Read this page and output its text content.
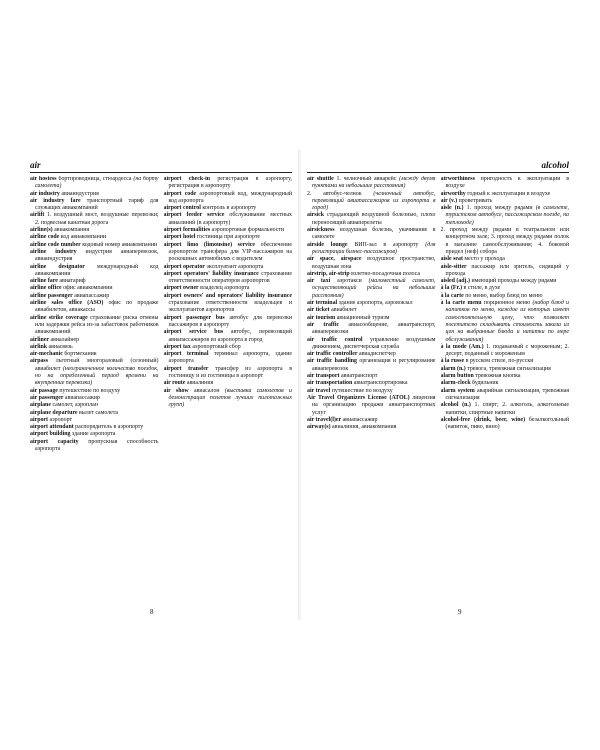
air

air hostess бортпроводница, стюардесса (на борту самолета)

air industry авиаиндустрия

air industry fare транспортный тариф для служащих авиакомпаний

airlift 1. воздушный мост, воздушные перевозки; 2. подвесная канатная дорога

airline(s) авиакомпания

airline code код авиакомпании

airline code number кодовый номер авиакомпании

airline industry индустрия авиаперевозок, авиаиндустрия

airline designator международный код авиакомпании

airline fare авиатариф

airline office офис авиакомпании

airline passenger авиапассажир

airline sales office (ASO) офис по продаже авиабилетов, авиакассы

airline strike coverage страхование риска отмены или задержки рейса из-за забастовок работников авиакомпаний

airliner авиалайнер

airlink авиасвязь

air-mechanic бортмеханик

airpass льготный многоразовый (сезонный) авиабилет (неограниченное количество поездок, но на определенный период времени на внутренние перевозки)

air passage путешествие по воздуху

air passenger авиапассажир

airplane самолет, аэроплан

airplane departure вылет самолета

airport аэропорт

airport attendant распорядитель в аэропорту

airport building здание аэропорта

airport capacity пропускная способность аэропорта

airport check-in регистрация в аэропорту, регистрация в аэропорту

airport code аэропортовый код, международный код аэропорта

airport control контроль в аэропорту

airport feeder service обслуживание местных авиалиний (в аэропорту)

airport formalities аэропортовые формальности

airport hotel гостиница при аэропорте

airport limo (limousine) service обеспечение аэропортом трансфера для VIP-пассажиров на роскошных автомобилях с водителем

airport operator эксплуатант аэропорта

airport operators' liability insurance страхование ответственности операторов аэропортов

airport owner владелец аэропорта

airport owners' and operators' liability insurance страхование ответственности владельцев и эксплуатантов аэропортов

airport passenger bus автобус для перевозки пассажиров в аэропорту

airport service bus автобус, перевозящий авиапассажиров из аэропорта в город

airport tax аэропортовый сбор

airport terminal терминал аэропорта, здание аэропорта

airport transfer трансфер из аэропорта в гостиницу и из гостиницы в аэропорт

air route авиалиния

air show авиасалон (выставка самолетов и демонстрация полетов лучших пилотажных групп)

alcohol

air shuttle 1. челночный авиарейс (между двумя пунктами на небольшие расстояния)

2. автобус-челнок (челночный автобус, перевозящий авиапассажиров из аэропорта в город)

airsick страдающий воздушной болезнью, плохо переносящий авиаперелеты

airsickness воздушная болезнь, укачивание в самолете

airside lounge ВИП-зал в аэропорту (для регистрации бизнес-пассажиров)

air space, airspace воздушное пространство, воздушная зона

airstrip, air-strip взлетно-посадочная полоса

air taxi аэротакси (маломестный самолет, осуществляющий рейсы на небольшие расстояния)

air terminal здание аэропорта, аэровокзал

air ticket авиабилет

air tourism авиационный туризм

air traffic авиасообщение, авиатранспорт, авиаперевозки

air traffic control управление воздушным движением, диспетчерская служба

air traffic controller авиадиспетчер

air traffic handling организация и регулирование авиаперевозок

air transport авиатранспорт

air transportation авиатранспортировка

air travel путешествие по воздуху

Air Travel Organizers License (ATOL) лицензия на организацию продажи авиатранспортных услуг

air travel(l)er авиапассажир

airway(s) авиалиния, авиакомпания

airworthiness пригодность к эксплуатации в воздухе

airworthy годный к эксплуатации в воздухе

air (v.) проветривать

aisle (n.) 1. проход между рядами (в самолете, туристском автобусе, пассажирском поезде, на теплоходе)

2. проход между рядами в театральном или концертном зале; 3. проход между рядами полок в магазине самообслуживания; 4. боковой придел (неф) собора

aisle seat место у прохода

aisle-sitter пассажир или зритель, сидящий у прохода

aisled (adj.) имеющий проходы между рядами

à la (Fr.) в стиле, в духе

à la carte по меню, выбор блюд по меню

à la carte menu порционное меню (набор блюд и напитков по меню, каждое из которых имеет самостоятельную цену, что позволяет посетителю складывать стоимость заказа из цен на выбранные блюда и напитки по мере обслуживания)

à la mode (Am.) 1. подаваемый с мороженым; 2. десерт, поданный с мороженым

à la russe в русском стиле, по-русски

alarm (n.) тревога, тревожная сигнализация

alarm button тревожная кнопка

alarm-clock будильник

alarm system аварийная сигнализация, тревожная сигнализация

alcohol (n.) 1. спирт; 2. алкоголь, алкогольные напитки, спиртные напитки

alcohol-free (drink, beer, wine) безалкогольный (напиток, пиво, вино)

8	9
